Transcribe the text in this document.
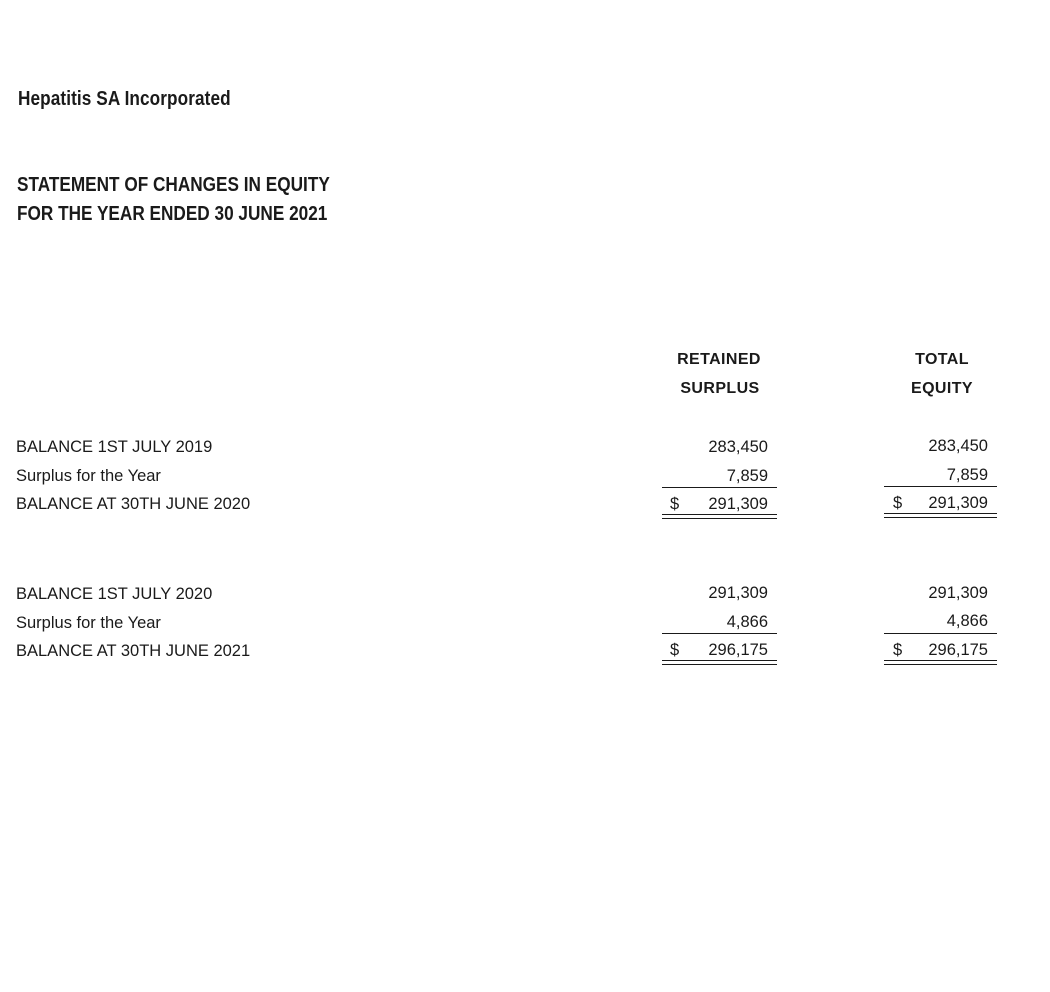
Hepatitis SA Incorporated
STATEMENT OF CHANGES IN EQUITY
FOR THE YEAR ENDED 30 JUNE 2021
RETAINED
SURPLUS
TOTAL
EQUITY
BALANCE 1ST JULY 2019	283,450	283,450
Surplus for the Year	7,859	7,859
BALANCE AT 30TH JUNE 2020	$ 291,309	$ 291,309
BALANCE 1ST JULY 2020	291,309	291,309
Surplus for the Year	4,866	4,866
BALANCE AT 30TH JUNE 2021	$ 296,175	$ 296,175
